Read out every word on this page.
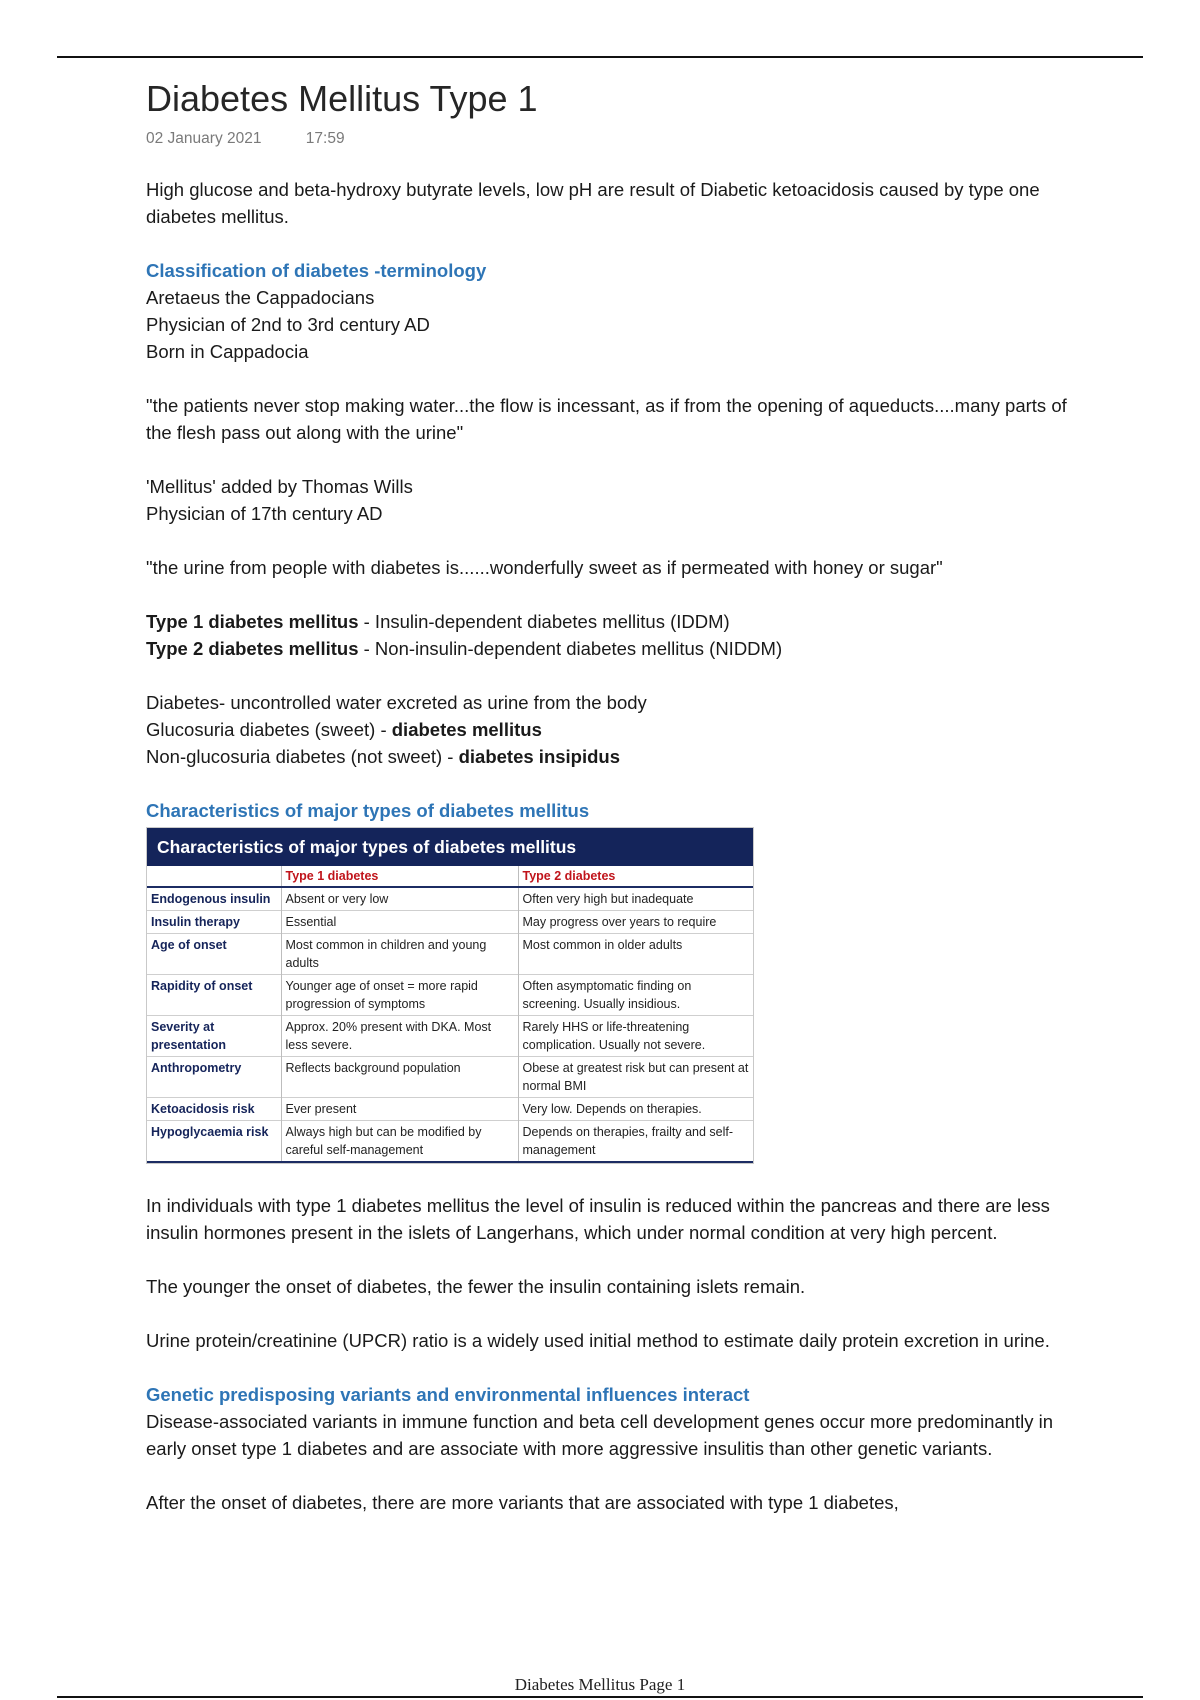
Diabetes Mellitus Type 1
02 January 2021	17:59

High glucose and beta-hydroxy butyrate levels, low pH are result of Diabetic ketoacidosis caused by type one diabetes mellitus.

Classification of diabetes -terminology

Aretaeus the Cappadocians

Physician of 2nd to 3rd century AD

Born in Cappadocia

"the patients never stop making water...the flow is incessant, as if from the opening of aqueducts....many parts of the flesh pass out along with the urine"

'Mellitus' added by Thomas Wills

Physician of 17th century AD

"the urine from people with diabetes is......wonderfully sweet as if permeated with honey or sugar"

Type 1 diabetes mellitus - Insulin-dependent diabetes mellitus (IDDM)

Type 2 diabetes mellitus - Non-insulin-dependent diabetes mellitus (NIDDM)

Diabetes- uncontrolled water excreted as urine from the body

Glucosuria diabetes (sweet) - diabetes mellitus

Non-glucosuria diabetes (not sweet) - diabetes insipidus

Characteristics of major types of diabetes mellitus

Characteristics of major types of diabetes mellitus
	Type 1 diabetes	Type 2 diabetes
Endogenous insulin	Absent or very low	Often very high but inadequate
Insulin therapy	Essential	May progress over years to require
Age of onset	Most common in children and young adults	Most common in older adults
Rapidity of onset	Younger age of onset = more rapid progression of symptoms	Often asymptomatic finding on screening. Usually insidious.
Severity at presentation	Approx. 20% present with DKA. Most less severe.	Rarely HHS or life-threatening complication. Usually not severe.
Anthropometry	Reflects background population	Obese at greatest risk but can present at normal BMI
Ketoacidosis risk	Ever present	Very low. Depends on therapies.
Hypoglycaemia risk	Always high but can be modified by careful self-management	Depends on therapies, frailty and self-management

In individuals with type 1 diabetes mellitus the level of insulin is reduced within the pancreas and there are less insulin hormones present in the islets of Langerhans, which under normal condition at very high percent.

The younger the onset of diabetes, the fewer the insulin containing islets remain.

Urine protein/creatinine (UPCR) ratio is a widely used initial method to estimate daily protein excretion in urine.

Genetic predisposing variants and environmental influences interact

Disease-associated variants in immune function and beta cell development genes occur more predominantly in early onset type 1 diabetes and are associate with more aggressive insulitis than other genetic variants.

After the onset of diabetes, there are more variants that are associated with type 1 diabetes,

Diabetes Mellitus Page 1
